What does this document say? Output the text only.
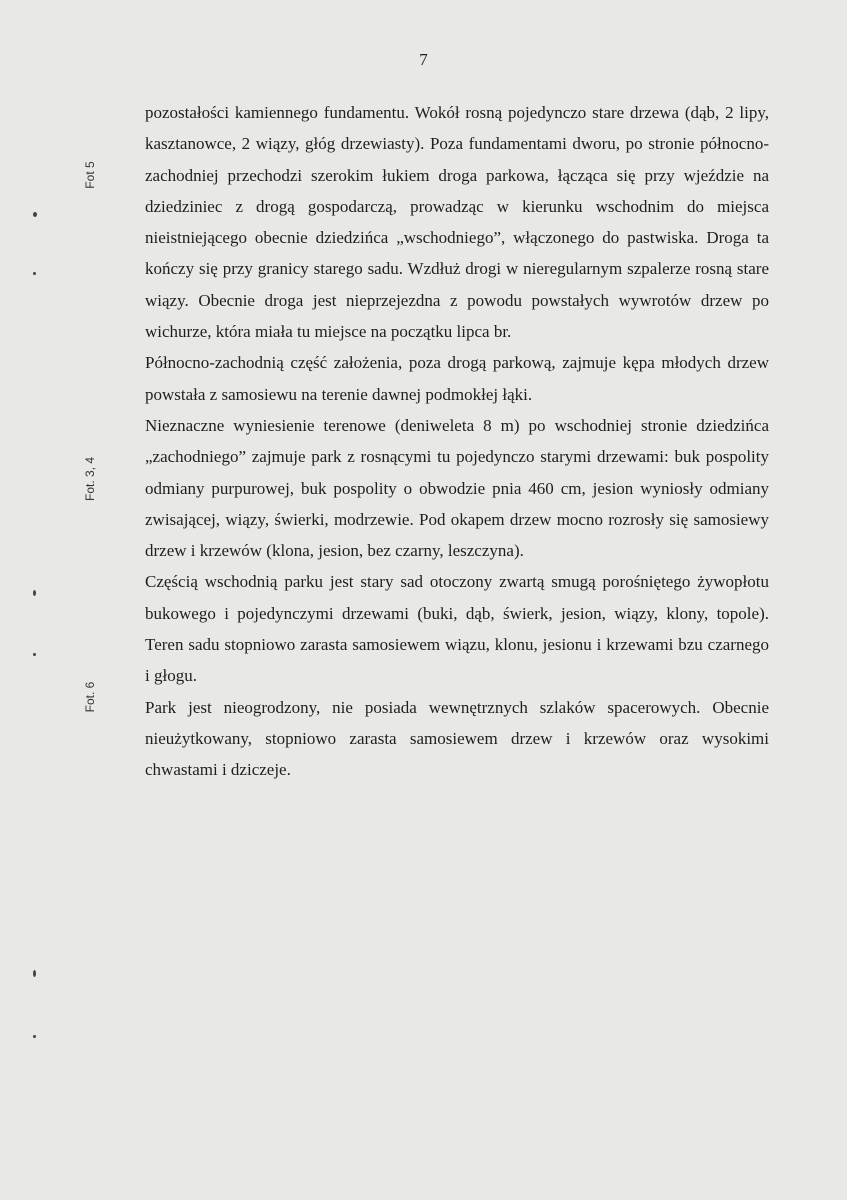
7
Fot 5
Fot. 3, 4
Fot. 6

pozostałości kamiennego fundamentu. Wokół rosną pojedynczo stare drzewa (dąb, 2 lipy, kasztanowce, 2 wiązy, głóg drzewiasty). Poza fundamentami dworu, po stronie północno-zachodniej przechodzi szerokim łukiem droga parkowa, łącząca się przy wjeździe na dziedziniec z drogą gospodarczą, prowadząc w kierunku wschodnim do miejsca nieistniejącego obecnie dziedzińca „wschodniego”, włączonego do pastwiska. Droga ta kończy się przy granicy starego sadu. Wzdłuż drogi w nieregularnym szpalerze rosną stare wiązy. Obecnie droga jest nieprzejezdna z powodu powstałych wywrotów drzew po wichurze, która miała tu miejsce na początku lipca br.

Północno-zachodnią część założenia, poza drogą parkową, zajmuje kępa młodych drzew powstała z samosiewu na terenie dawnej podmokłej łąki.

Nieznaczne wyniesienie terenowe (deniweleta 8 m) po wschodniej stronie dziedzińca „zachodniego” zajmuje park z rosnącymi tu pojedynczo starymi drzewami: buk pospolity odmiany purpurowej, buk pospolity o obwodzie pnia 460 cm, jesion wyniosły odmiany zwisającej, wiązy, świerki, modrzewie. Pod okapem drzew mocno rozrosły się samosiewy drzew i krzewów (klona, jesion, bez czarny, leszczyna).

Częścią wschodnią parku jest stary sad otoczony zwartą smugą porośniętego żywopłotu bukowego i pojedynczymi drzewami (buki, dąb, świerk, jesion, wiązy, klony, topole). Teren sadu stopniowo zarasta samosiewem wiązu, klonu, jesionu i krzewami bzu czarnego i głogu.

Park jest nieogrodzony, nie posiada wewnętrznych szlaków spacerowych. Obecnie nieużytkowany, stopniowo zarasta samosiewem drzew i krzewów oraz wysokimi chwastami i dziczeje.
